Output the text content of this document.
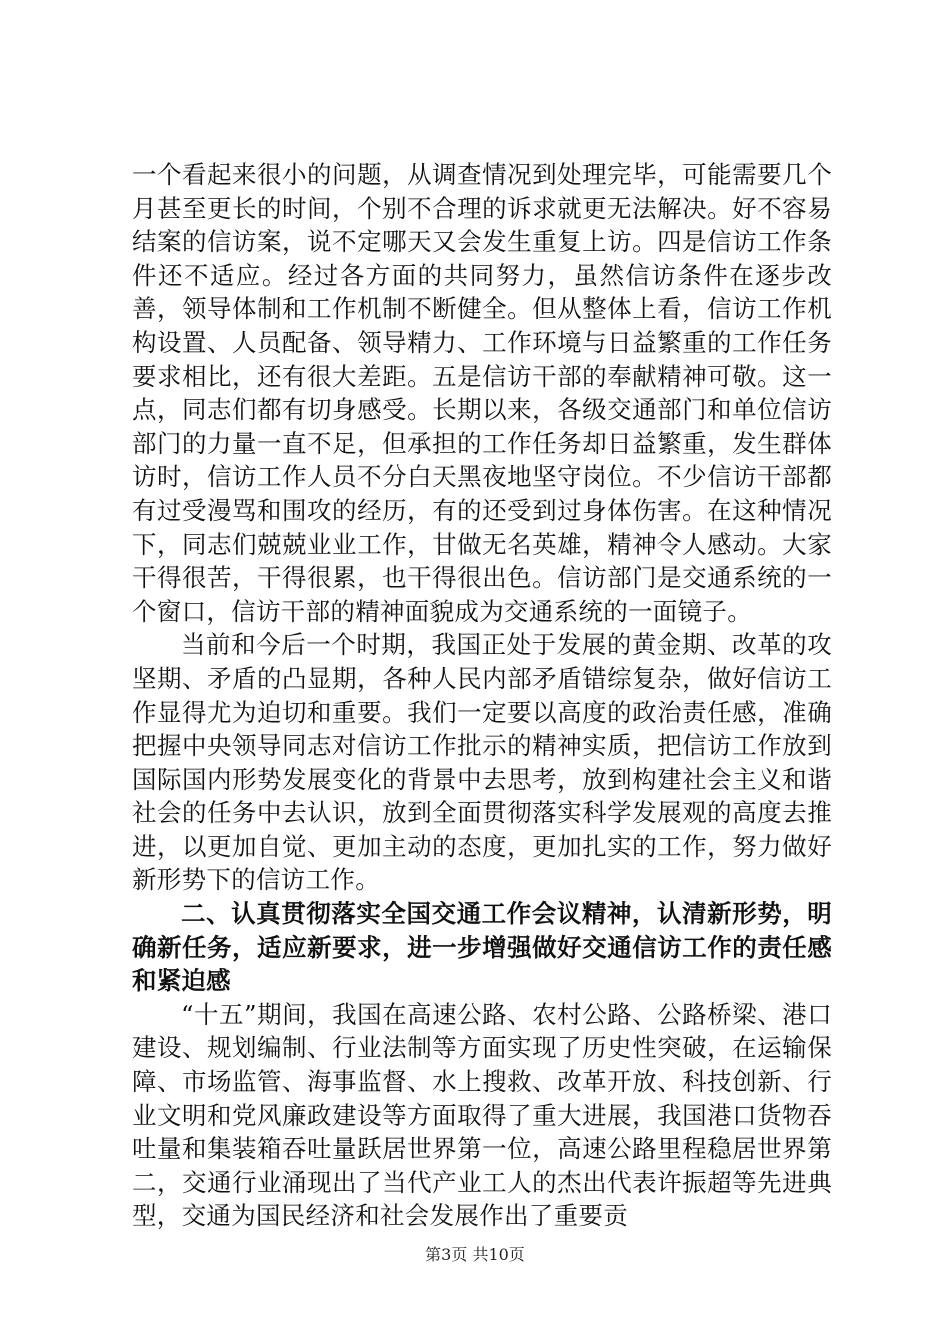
一个看起来很小的问题，从调查情况到处理完毕，可能需要几个月甚至更长的时间，个别不合理的诉求就更无法解决。好不容易结案的信访案，说不定哪天又会发生重复上访。四是信访工作条件还不适应。经过各方面的共同努力，虽然信访条件在逐步改善，领导体制和工作机制不断健全。但从整体上看，信访工作机构设置、人员配备、领导精力、工作环境与日益繁重的工作任务要求相比，还有很大差距。五是信访干部的奉献精神可敬。这一点，同志们都有切身感受。长期以来，各级交通部门和单位信访部门的力量一直不足，但承担的工作任务却日益繁重，发生群体访时，信访工作人员不分白天黑夜地坚守岗位。不少信访干部都有过受漫骂和围攻的经历，有的还受到过身体伤害。在这种情况下，同志们兢兢业业工作，甘做无名英雄，精神令人感动。大家干得很苦，干得很累，也干得很出色。信访部门是交通系统的一个窗口，信访干部的精神面貌成为交通系统的一面镜子。

当前和今后一个时期，我国正处于发展的黄金期、改革的攻坚期、矛盾的凸显期，各种人民内部矛盾错综复杂，做好信访工作显得尤为迫切和重要。我们一定要以高度的政治责任感，准确把握中央领导同志对信访工作批示的精神实质，把信访工作放到国际国内形势发展变化的背景中去思考，放到构建社会主义和谐社会的任务中去认识，放到全面贯彻落实科学发展观的高度去推进，以更加自觉、更加主动的态度，更加扎实的工作，努力做好新形势下的信访工作。

二、认真贯彻落实全国交通工作会议精神，认清新形势，明确新任务，适应新要求，进一步增强做好交通信访工作的责任感和紧迫感

“十五”期间，我国在高速公路、农村公路、公路桥梁、港口建设、规划编制、行业法制等方面实现了历史性突破，在运输保障、市场监管、海事监督、水上搜救、改革开放、科技创新、行业文明和党风廉政建设等方面取得了重大进展，我国港口货物吞吐量和集装箱吞吐量跃居世界第一位，高速公路里程稳居世界第二，交通行业涌现出了当代产业工人的杰出代表许振超等先进典型，交通为国民经济和社会发展作出了重要贡

第3页 共10页
